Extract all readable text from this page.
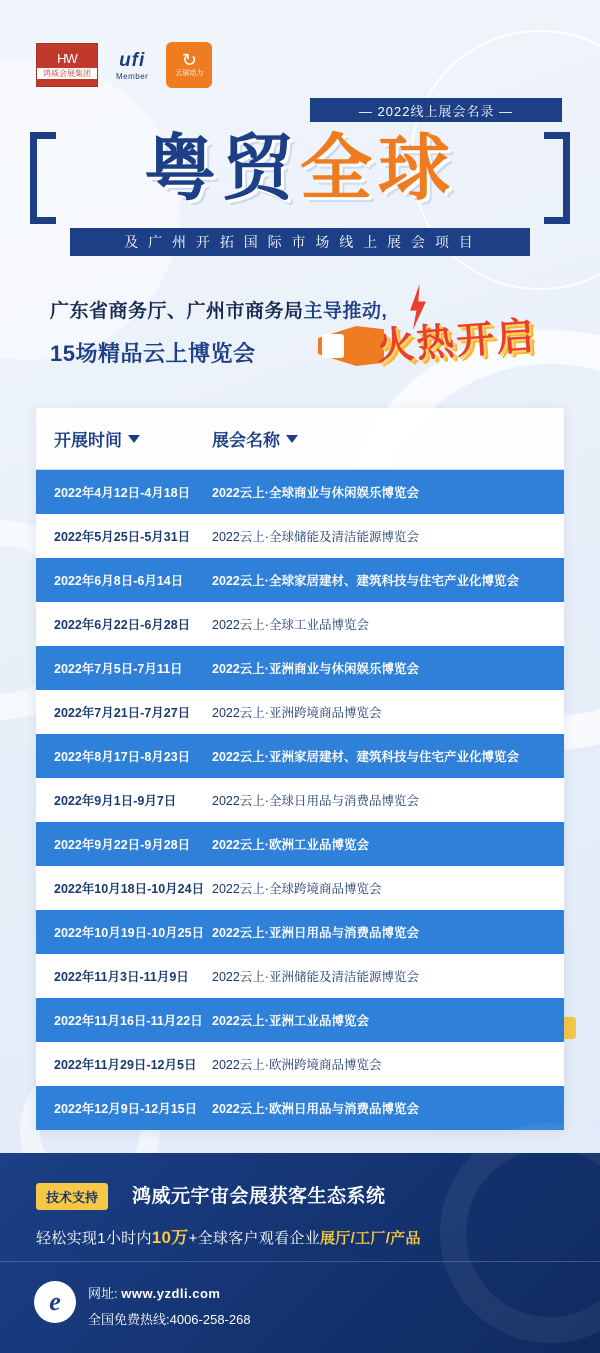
HW
鸿威会展集团
ufi
Member
↻
云展动力
— 2022线上展会名录 —
粤贸全球
及 广 州 开 拓 国 际 市 场 线 上 展 会 项 目
广东省商务厅、广州市商务局主导推动,
15场精品云上博览会	火热开启
开展时间	展会名称
2022年4月12日-4月18日	2022云上·全球商业与休闲娱乐博览会
2022年5月25日-5月31日	2022云上·全球储能及清洁能源博览会
2022年6月8日-6月14日	2022云上·全球家居建材、建筑科技与住宅产业化博览会
2022年6月22日-6月28日	2022云上·全球工业品博览会
2022年7月5日-7月11日	2022云上·亚洲商业与休闲娱乐博览会
2022年7月21日-7月27日	2022云上·亚洲跨境商品博览会
2022年8月17日-8月23日	2022云上·亚洲家居建材、建筑科技与住宅产业化博览会
2022年9月1日-9月7日	2022云上·全球日用品与消费品博览会
2022年9月22日-9月28日	2022云上·欧洲工业品博览会
2022年10月18日-10月24日 2022云上·全球跨境商品博览会
2022年10月19日-10月25日 2022云上·亚洲日用品与消费品博览会
2022年11月3日-11月9日	2022云上·亚洲储能及清洁能源博览会
2022年11月16日-11月22日 2022云上·亚洲工业品博览会
2022年11月29日-12月5日	2022云上·欧洲跨境商品博览会
2022年12月9日-12月15日	2022云上·欧洲日用品与消费品博览会
技术支持	鸿威元宇宙会展获客生态系统
轻松实现1小时内10万+全球客户观看企业展厅/工厂/产品
e	网址: www.yzdli.com
全国免费热线:4006-258-268
